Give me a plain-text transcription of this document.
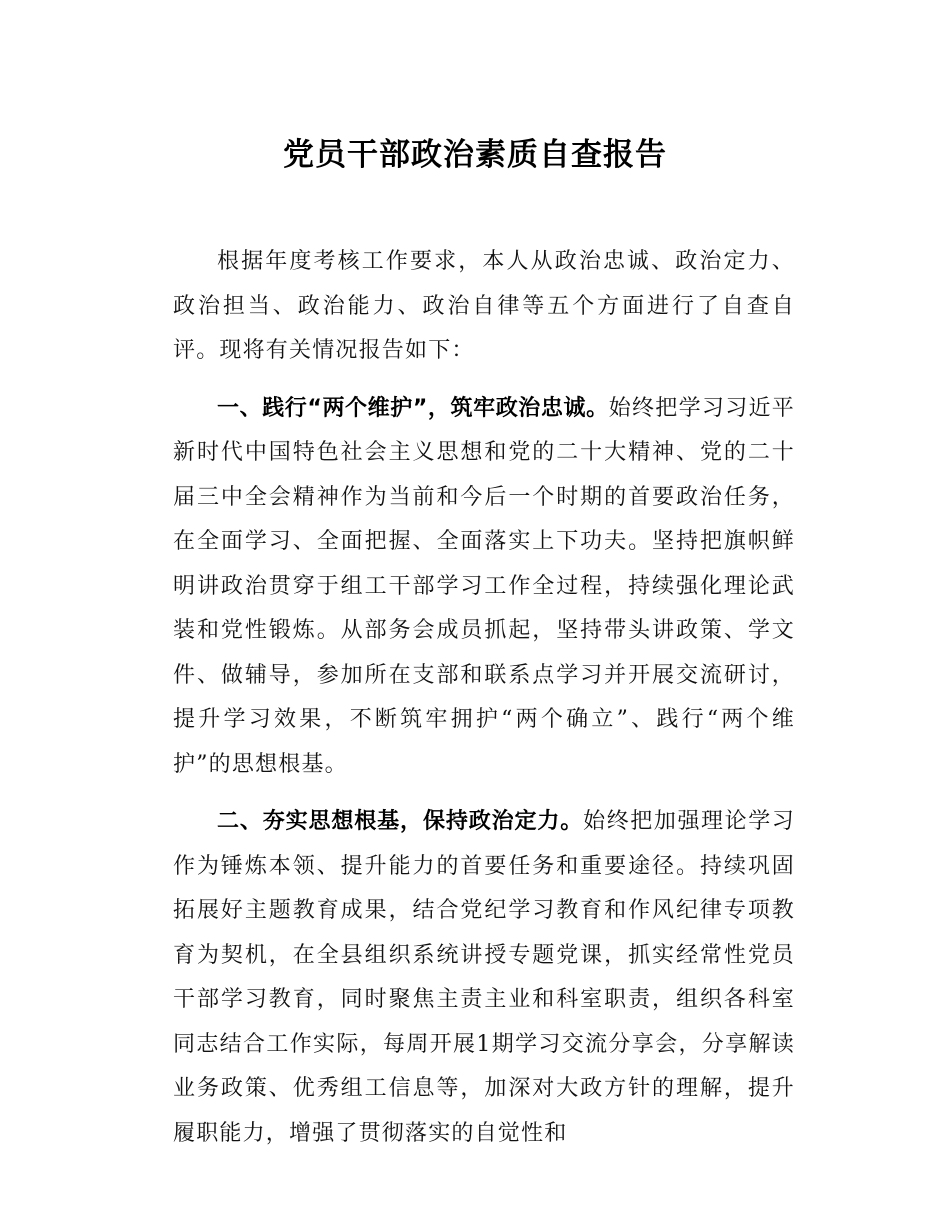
党员干部政治素质自查报告

根据年度考核工作要求，本人从政治忠诚、政治定力、政治担当、政治能力、政治自律等五个方面进行了自查自评。现将有关情况报告如下：

一、践行“两个维护”，筑牢政治忠诚。始终把学习习近平新时代中国特色社会主义思想和党的二十大精神、党的二十届三中全会精神作为当前和今后一个时期的首要政治任务，在全面学习、全面把握、全面落实上下功夫。坚持把旗帜鲜明讲政治贯穿于组工干部学习工作全过程，持续强化理论武装和党性锻炼。从部务会成员抓起，坚持带头讲政策、学文件、做辅导，参加所在支部和联系点学习并开展交流研讨，提升学习效果，不断筑牢拥护“两个确立”、践行“两个维护”的思想根基。

二、夯实思想根基，保持政治定力。始终把加强理论学习作为锤炼本领、提升能力的首要任务和重要途径。持续巩固拓展好主题教育成果，结合党纪学习教育和作风纪律专项教育为契机，在全县组织系统讲授专题党课，抓实经常性党员干部学习教育，同时聚焦主责主业和科室职责，组织各科室同志结合工作实际，每周开展1期学习交流分享会，分享解读业务政策、优秀组工信息等，加深对大政方针的理解，提升履职能力，增强了贯彻落实的自觉性和
